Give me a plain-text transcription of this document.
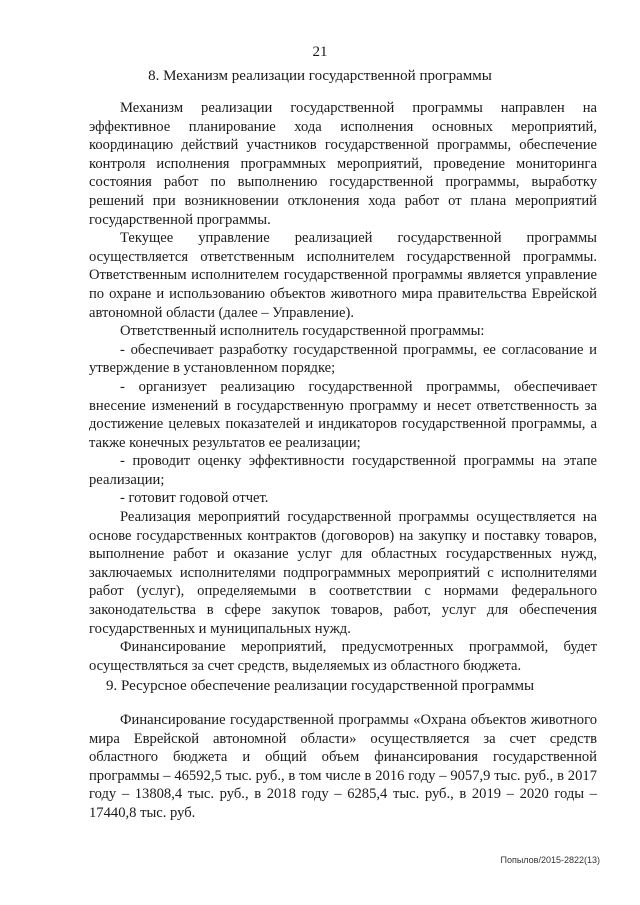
21
8. Механизм реализации государственной программы

Механизм реализации государственной программы направлен на эффективное планирование хода исполнения основных мероприятий, координацию действий участников государственной программы, обеспечение контроля исполнения программных мероприятий, проведение мониторинга состояния работ по выполнению государственной программы, выработку решений при возникновении отклонения хода работ от плана мероприятий государственной программы.

Текущее управление реализацией государственной программы осуществляется ответственным исполнителем государственной программы. Ответственным исполнителем государственной программы является управление по охране и использованию объектов животного мира правительства Еврейской автономной области (далее – Управление).

Ответственный исполнитель государственной программы:

- обеспечивает разработку государственной программы, ее согласование и утверждение в установленном порядке;

- организует реализацию государственной программы, обеспечивает внесение изменений в государственную программу и несет ответственность за достижение целевых показателей и индикаторов государственной программы, а также конечных результатов ее реализации;

- проводит оценку эффективности государственной программы на этапе реализации;

- готовит годовой отчет.

Реализация мероприятий государственной программы осуществляется на основе государственных контрактов (договоров) на закупку и поставку товаров, выполнение работ и оказание услуг для областных государственных нужд, заключаемых исполнителями подпрограммных мероприятий с исполнителями работ (услуг), определяемыми в соответствии с нормами федерального законодательства в сфере закупок товаров, работ, услуг для обеспечения государственных и муниципальных нужд.

Финансирование мероприятий, предусмотренных программой, будет осуществляться за счет средств, выделяемых из областного бюджета.

9. Ресурсное обеспечение реализации государственной программы

Финансирование государственной программы «Охрана объектов животного мира Еврейской автономной области» осуществляется за счет средств областного бюджета и общий объем финансирования государственной программы – 46592,5 тыс. руб., в том числе в 2016 году – 9057,9 тыс. руб., в 2017 году – 13808,4 тыс. руб., в 2018 году – 6285,4 тыс. руб., в 2019 – 2020 годы – 17440,8 тыс. руб.

Попылов/2015-2822(13)
